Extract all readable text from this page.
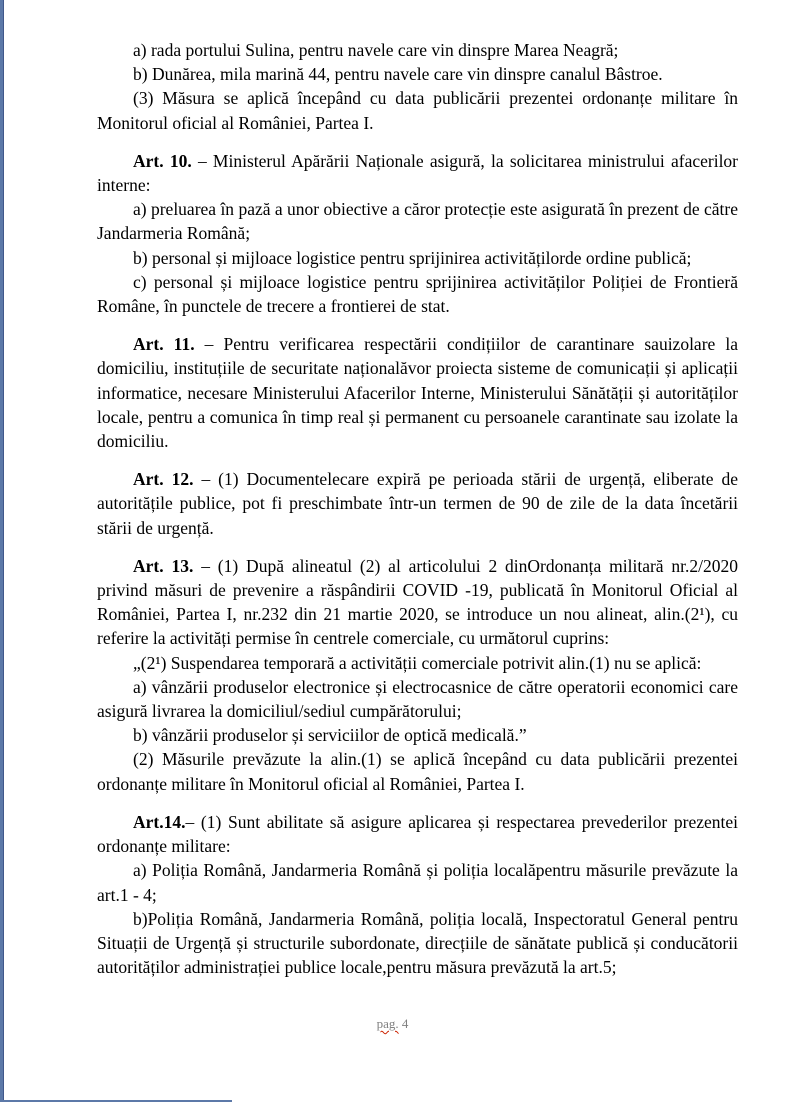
a) rada portului Sulina, pentru navele care vin dinspre Marea Neagră;

b) Dunărea, mila marină 44, pentru navele care vin dinspre canalul Bâstroe.

(3) Măsura se aplică începând cu data publicării prezentei ordonanțe militare în Monitorul oficial al României, Partea I.

Art. 10. – Ministerul Apărării Naționale asigură, la solicitarea ministrului afacerilor interne:

a) preluarea în pază a unor obiective a căror protecție este asigurată în prezent de către Jandarmeria Română;

b) personal și mijloace logistice pentru sprijinirea activitățilorde ordine publică;

c) personal și mijloace logistice pentru sprijinirea activităților Poliției de Frontieră Române, în punctele de trecere a frontierei de stat.

Art. 11. – Pentru verificarea respectării condițiilor de carantinare sauizolare la domiciliu, instituțiile de securitate naționalăvor proiecta sisteme de comunicații și aplicații informatice, necesare Ministerului Afacerilor Interne, Ministerului Sănătății și autorităților locale, pentru a comunica în timp real și permanent cu persoanele carantinate sau izolate la domiciliu.

Art. 12. – (1) Documentelecare expiră pe perioada stării de urgență, eliberate de autoritățile publice, pot fi preschimbate într-un termen de 90 de zile de la data încetării stării de urgență.

Art. 13. – (1) După alineatul (2) al articolului 2 dinOrdonanța militară nr.2/2020 privind măsuri de prevenire a răspândirii COVID -19, publicată în Monitorul Oficial al României, Partea I, nr.232 din 21 martie 2020, se introduce un nou alineat, alin.(2¹), cu referire la activități permise în centrele comerciale, cu următorul cuprins:

„(2¹) Suspendarea temporară a activității comerciale potrivit alin.(1) nu se aplică:

a) vânzării produselor electronice și electrocasnice de către operatorii economici care asigură livrarea la domiciliul/sediul cumpărătorului;

b) vânzării produselor și serviciilor de optică medicală.”

(2) Măsurile prevăzute la alin.(1) se aplică începând cu data publicării prezentei ordonanțe militare în Monitorul oficial al României, Partea I.

Art.14.– (1) Sunt abilitate să asigure aplicarea și respectarea prevederilor prezentei ordonanțe militare:

a) Poliția Română, Jandarmeria Română și poliția localăpentru măsurile prevăzute la art.1 - 4;

b)Poliția Română, Jandarmeria Română, poliția locală, Inspectoratul General pentru Situații de Urgență și structurile subordonate, direcțiile de sănătate publică și conducătorii autorităților administrației publice locale,pentru măsura prevăzută la art.5;

pag. 4
